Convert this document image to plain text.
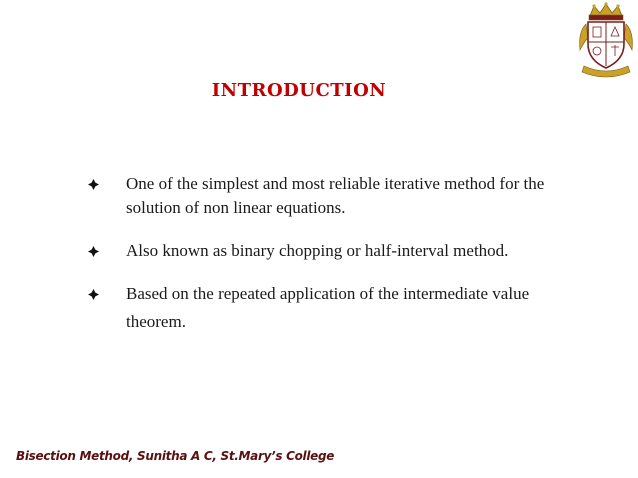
INTRODUCTION
One of the simplest and most reliable iterative method for the solution of non linear equations.
Also known as binary chopping or half-interval method.
Based on the repeated application of the intermediate value theorem.
Bisection Method, Sunitha A C, St.Mary’s College
